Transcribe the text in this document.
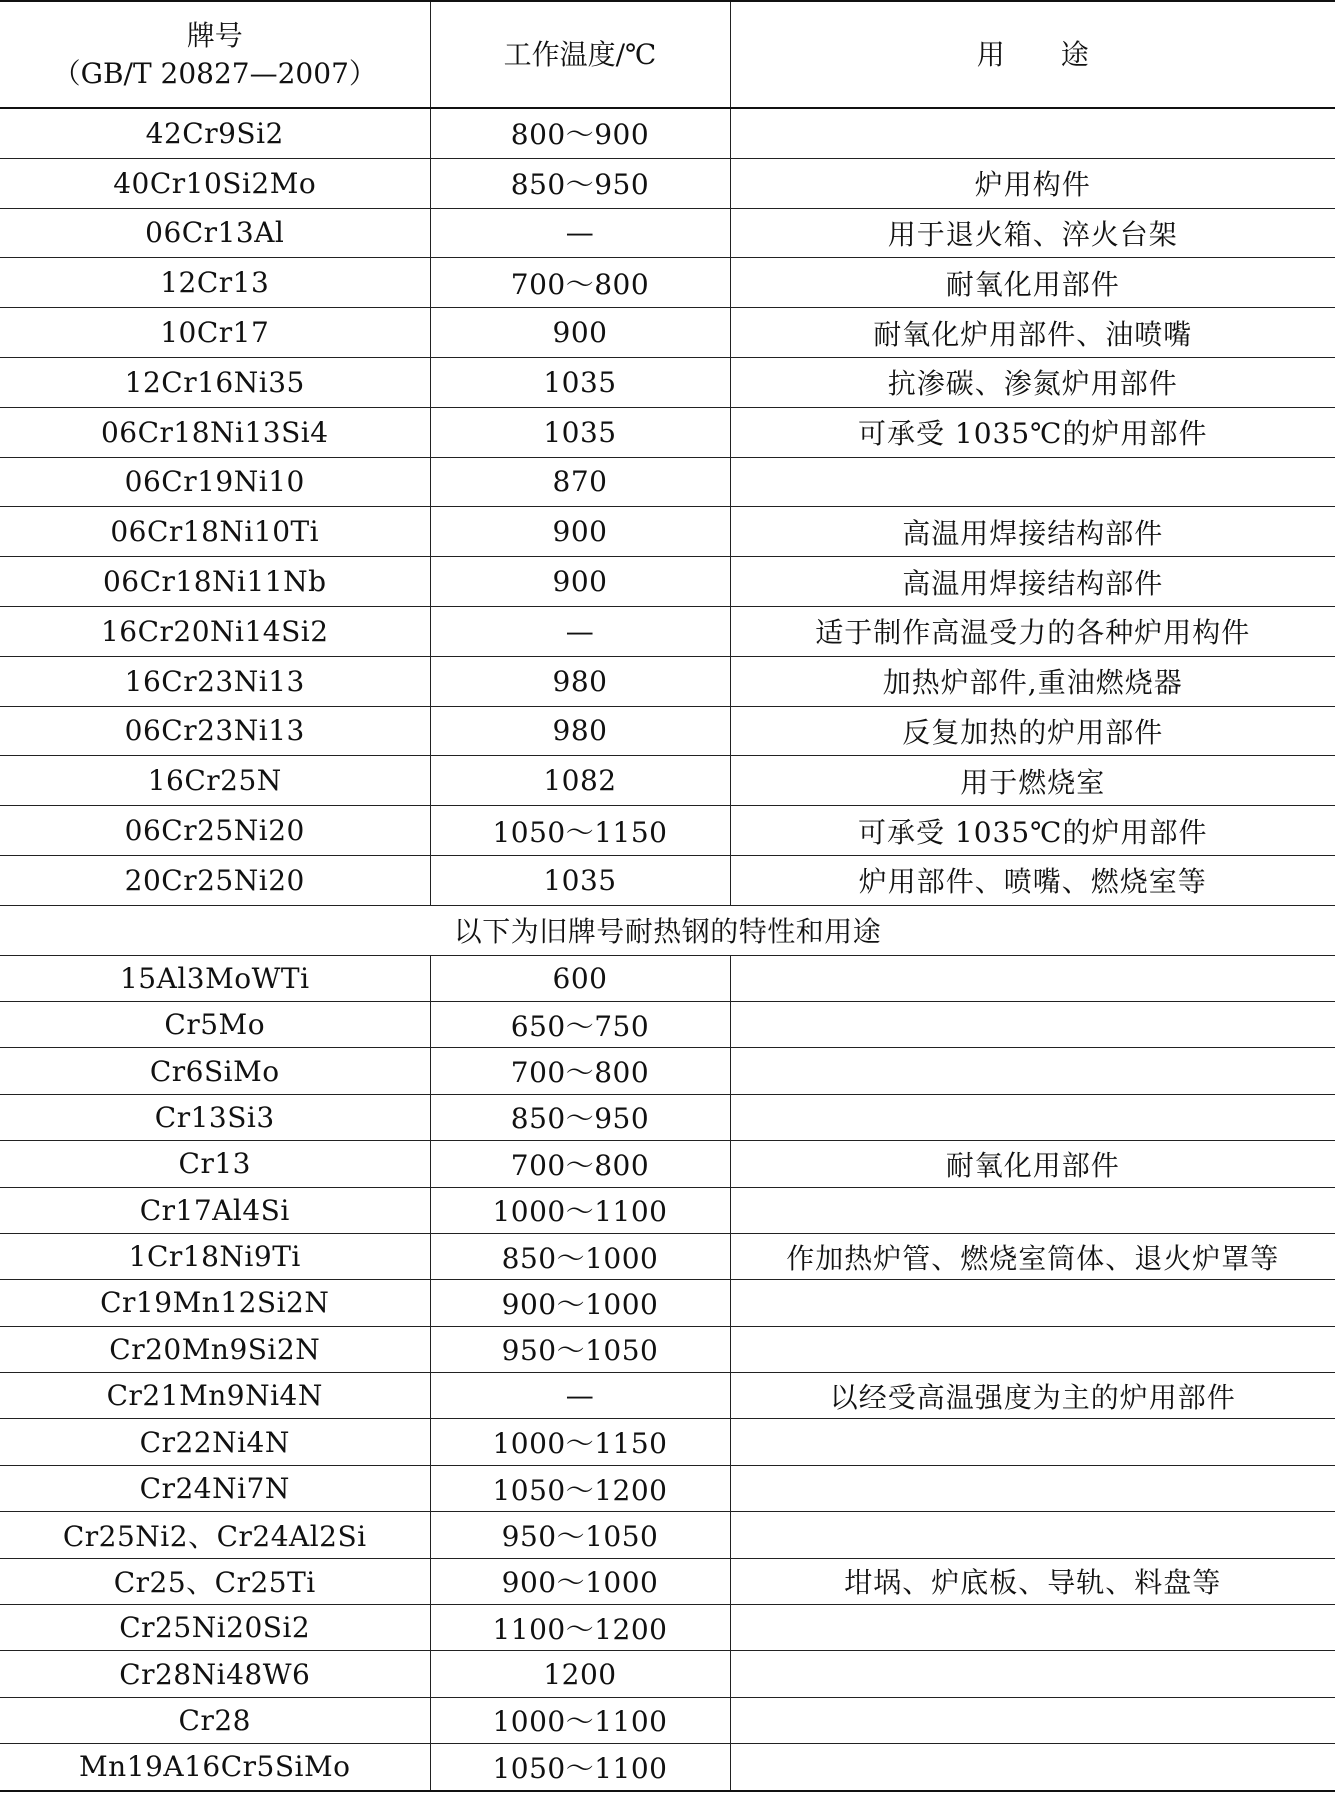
牌号
（GB/T 20827—2007）	工作温度/℃	用　　途
42Cr9Si2	800～900	
40Cr10Si2Mo	850～950	炉用构件
06Cr13Al	—	用于退火箱、淬火台架
12Cr13	700～800	耐氧化用部件
10Cr17	900	耐氧化炉用部件、油喷嘴
12Cr16Ni35	1035	抗渗碳、渗氮炉用部件
06Cr18Ni13Si4	1035	可承受 1035℃的炉用部件
06Cr19Ni10	870	
06Cr18Ni10Ti	900	高温用焊接结构部件
06Cr18Ni11Nb	900	高温用焊接结构部件
16Cr20Ni14Si2	—	适于制作高温受力的各种炉用构件
16Cr23Ni13	980	加热炉部件,重油燃烧器
06Cr23Ni13	980	反复加热的炉用部件
16Cr25N	1082	用于燃烧室
06Cr25Ni20	1050～1150	可承受 1035℃的炉用部件
20Cr25Ni20	1035	炉用部件、喷嘴、燃烧室等
以下为旧牌号耐热钢的特性和用途		
15Al3MoWTi	600	
Cr5Mo	650～750	
Cr6SiMo	700～800	
Cr13Si3	850～950	
Cr13	700～800	耐氧化用部件
Cr17Al4Si	1000～1100	
1Cr18Ni9Ti	850～1000	作加热炉管、燃烧室筒体、退火炉罩等
Cr19Mn12Si2N	900～1000	
Cr20Mn9Si2N	950～1050	
Cr21Mn9Ni4N	—	以经受高温强度为主的炉用部件
Cr22Ni4N	1000～1150	
Cr24Ni7N	1050～1200	
Cr25Ni2、Cr24Al2Si	950～1050	
Cr25、Cr25Ti	900～1000	坩埚、炉底板、导轨、料盘等
Cr25Ni20Si2	1100～1200	
Cr28Ni48W6	1200	
Cr28	1000～1100	
Mn19A16Cr5SiMo	1050～1100	
